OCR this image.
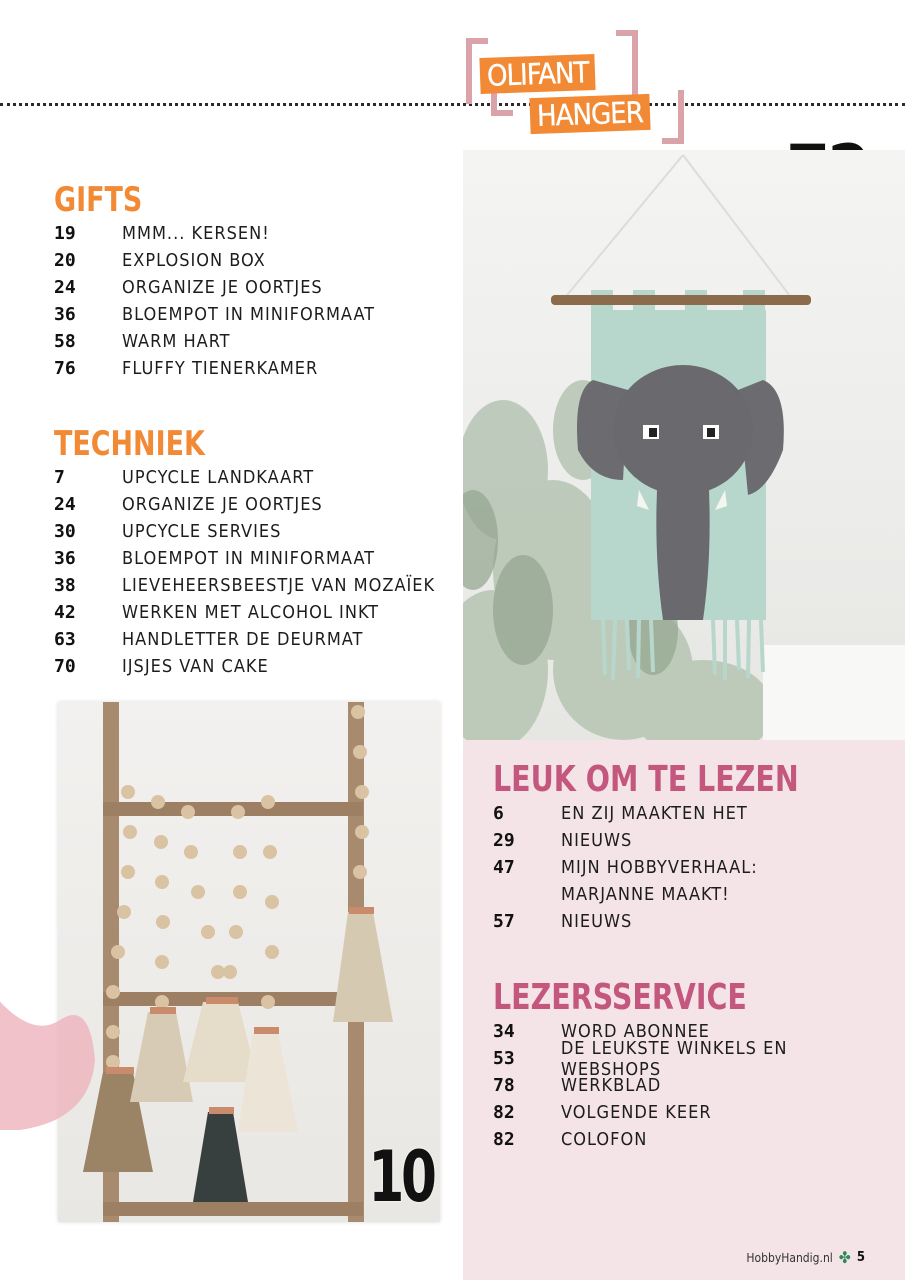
OLIFANT
HANGER
10
GIFTS
19	MMM... KERSEN!
20	EXPLOSION BOX
24	ORGANIZE JE OORTJES
36	BLOEMPOT IN MINIFORMAAT
58	WARM HART
76	FLUFFY TIENERKAMER
TECHNIEK
7	UPCYCLE LANDKAART
24	ORGANIZE JE OORTJES
30	UPCYCLE SERVIES
36	BLOEMPOT IN MINIFORMAAT
38	LIEVEHEERSBEESTJE VAN MOZAÏEK
42	WERKEN MET ALCOHOL INKT
63	HANDLETTER DE DEURMAT
70	IJSJES VAN CAKE
LEUK OM TE LEZEN
6	EN ZIJ MAAKTEN HET
29	NIEUWS
47	MIJN HOBBYVERHAAL:
MARJANNE MAAKT!
57	NIEUWS
LEZERSSERVICE
34	WORD ABONNEE
53	DE LEUKSTE WINKELS EN WEBSHOPS
78	WERKBLAD
82	VOLGENDE KEER
82	COLOFON
HobbyHandig.nl ✤ 5
